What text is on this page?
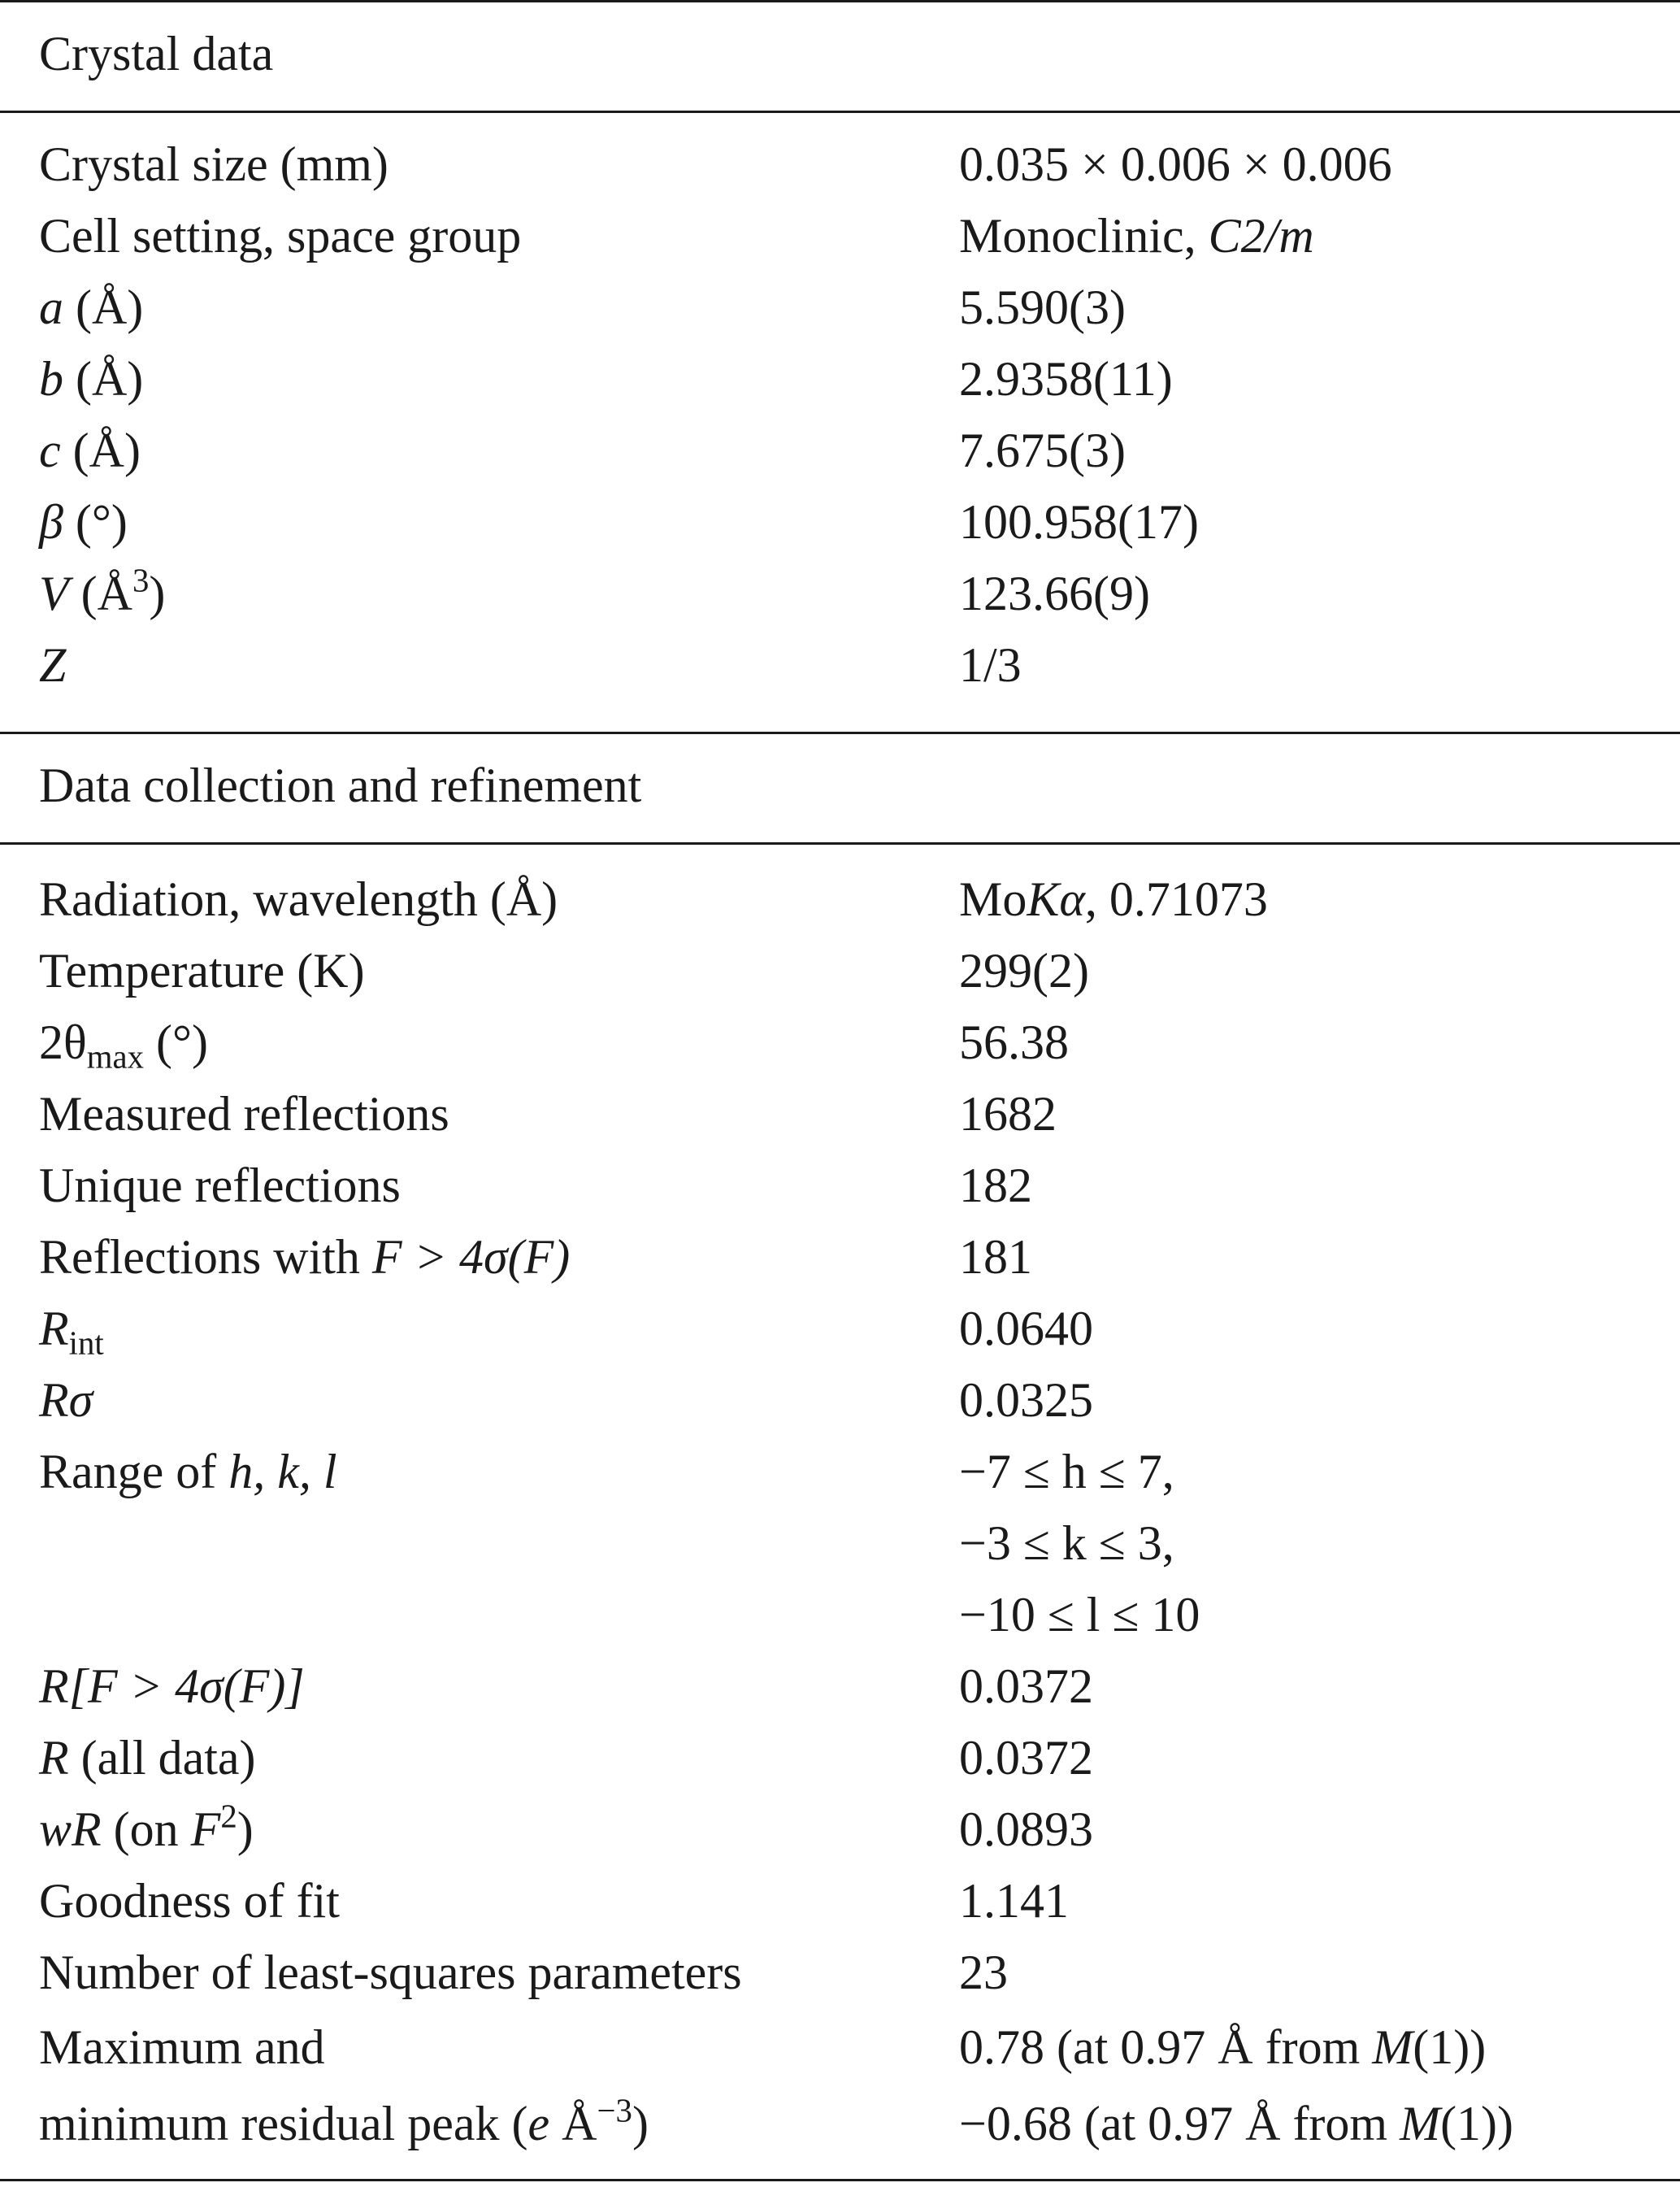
Crystal data
Crystal size (mm)	0.035 × 0.006 × 0.006
Cell setting, space group	Monoclinic, C2/m
a (Å)	5.590(3)
b (Å)	2.9358(11)
c (Å)	7.675(3)
β (°)	100.958(17)
V $(Å^3)$	123.66(9)
Z	1/3
Data collection and refinement
Radiation, wavelength (Å)	MoKα, 0.71073
Temperature (K)	299(2)
$2\theta_{max}$ (°)	56.38
Measured reflections	1682
Unique reflections	182
Reflections with F > 4σ(F)	181
$R_{int}$	0.0640
Rσ	0.0325
Range of h, k, l	−7 ≤ h ≤ 7,
−3 ≤ k ≤ 3,
−10 ≤ l ≤ 10
R[F > 4σ(F)]	0.0372
R (all data)	0.0372
wR (on $F^2$)	0.0893
Goodness of fit	1.141
Number of least-squares parameters	23
Maximum and	0.78 (at 0.97 Å from M(1))
minimum residual peak (e $Å^{-3}$)	−0.68 (at 0.97 Å from M(1))
